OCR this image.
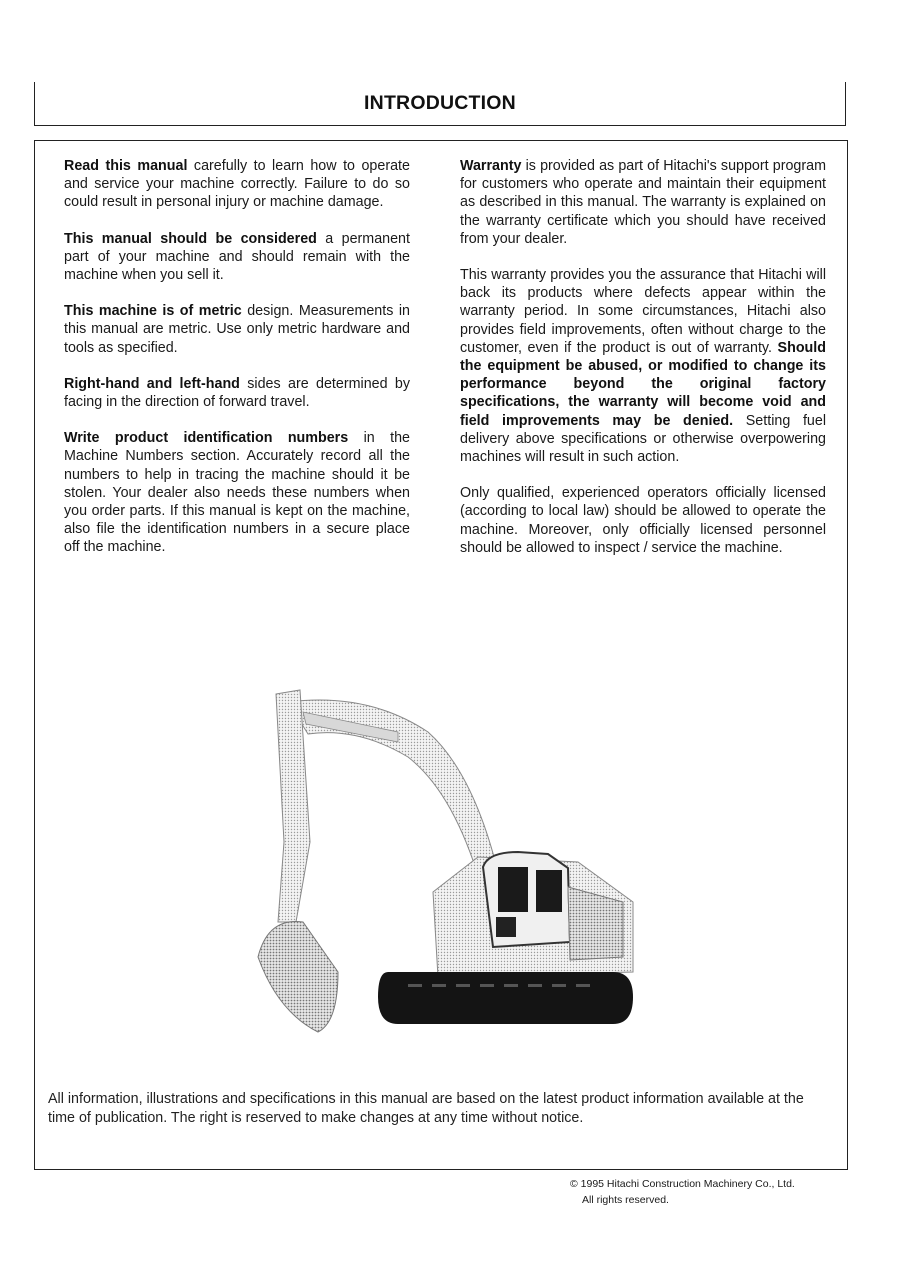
INTRODUCTION

Read this manual carefully to learn how to operate and service your machine correctly. Failure to do so could result in personal injury or machine damage.

This manual should be considered a permanent part of your machine and should remain with the machine when you sell it.

This machine is of metric design. Measurements in this manual are metric. Use only metric hardware and tools as specified.

Right-hand and left-hand sides are determined by facing in the direction of forward travel.

Write product identification numbers in the Machine Numbers section. Accurately record all the numbers to help in tracing the machine should it be stolen. Your dealer also needs these numbers when you order parts. If this manual is kept on the machine, also file the identification numbers in a secure place off the machine.

Warranty is provided as part of Hitachi's support program for customers who operate and maintain their equipment as described in this manual. The warranty is explained on the warranty certificate which you should have received from your dealer.

This warranty provides you the assurance that Hitachi will back its products where defects appear within the warranty period. In some circumstances, Hitachi also provides field improvements, often without charge to the customer, even if the product is out of warranty. Should the equipment be abused, or modified to change its performance beyond the original factory specifications, the warranty will become void and field improvements may be denied. Setting fuel delivery above specifications or otherwise overpowering machines will result in such action.

Only qualified, experienced operators officially licensed (according to local law) should be allowed to operate the machine. Moreover, only officially licensed personnel should be allowed to inspect / service the machine.

All information, illustrations and specifications in this manual are based on the latest product information available at the time of publication. The right is reserved to make changes at any time without notice.
© 1995 Hitachi Construction Machinery Co., Ltd.
All rights reserved.
